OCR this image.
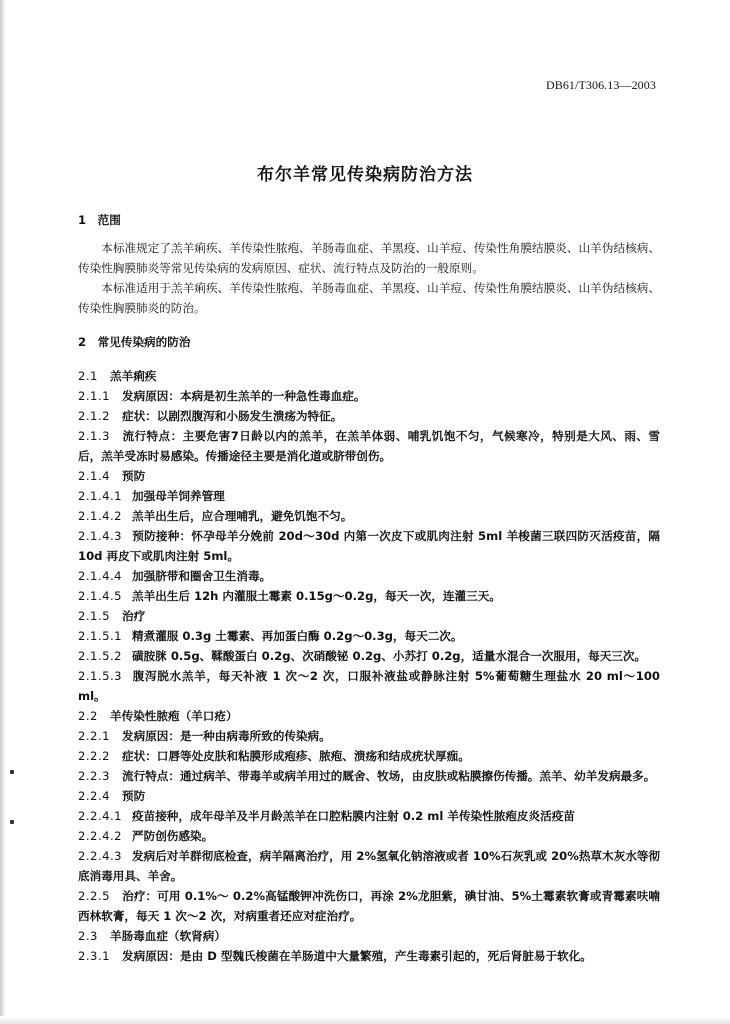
DB61/T306.13—2003
布尔羊常见传染病防治方法

1　范围

本标准规定了羔羊痢疾、羊传染性脓疱、羊肠毒血症、羊黑疫、山羊痘、传染性角膜结膜炎、山羊伪结核病、传染性胸膜肺炎等常见传染病的发病原因、症状、流行特点及防治的一般原则。

本标准适用于羔羊痢疾、羊传染性脓疱、羊肠毒血症、羊黑疫、山羊痘、传染性角膜结膜炎、山羊伪结核病、传染性胸膜肺炎的防治。

2　常见传染病的防治

2.1 羔羊痢疾

2.1.1 发病原因：本病是初生羔羊的一种急性毒血症。

2.1.2 症状：以剧烈腹泻和小肠发生溃疡为特征。

2.1.3 流行特点：主要危害7日龄以内的羔羊，在羔羊体弱、哺乳饥饱不匀，气候寒冷，特别是大风、雨、雪后，羔羊受冻时易感染。传播途径主要是消化道或脐带创伤。

2.1.4 预防

2.1.4.1 加强母羊饲养管理

2.1.4.2 羔羊出生后，应合理哺乳，避免饥饱不匀。

2.1.4.3 预防接种：怀孕母羊分娩前 20d～30d 内第一次皮下或肌肉注射 5ml 羊梭菌三联四防灭活疫苗，隔 10d 再皮下或肌肉注射 5ml。

2.1.4.4 加强脐带和圈舍卫生消毒。

2.1.4.5 羔羊出生后 12h 内灌服土霉素 0.15g～0.2g，每天一次，连灌三天。

2.1.5 治疗

2.1.5.1 精煮灌服 0.3g 土霉素、再加蛋白酶 0.2g～0.3g，每天二次。

2.1.5.2 磺胺脒 0.5g、鞣酸蛋白 0.2g、次硝酸铋 0.2g、小苏打 0.2g，适量水混合一次服用，每天三次。

2.1.5.3 腹泻脱水羔羊，每天补液 1 次～2 次，口服补液盐或静脉注射 5%葡萄糖生理盐水 20 ml～100 ml。

2.2 羊传染性脓疱（羊口疮）

2.2.1 发病原因：是一种由病毒所致的传染病。

2.2.2 症状：口唇等处皮肤和粘膜形成疱疹、脓疱、溃疡和结成疣状厚痂。

2.2.3 流行特点：通过病羊、带毒羊或病羊用过的厩舍、牧场，由皮肤或粘膜擦伤传播。羔羊、幼羊发病最多。

2.2.4 预防

2.2.4.1 疫苗接种，成年母羊及半月龄羔羊在口腔粘膜内注射 0.2 ml 羊传染性脓疱皮炎活疫苗

2.2.4.2 严防创伤感染。

2.2.4.3 发病后对羊群彻底检查，病羊隔离治疗，用 2%氢氧化钠溶液或者 10%石灰乳或 20%热草木灰水等彻底消毒用具、羊舍。

2.2.5 治疗：可用 0.1%～ 0.2%高锰酸钾冲洗伤口，再涂 2%龙胆紫，碘甘油、5%土霉素软膏或青霉素呋喃西林软膏，每天 1 次～2 次，对病重者还应对症治疗。

2.3 羊肠毒血症（软肾病）

2.3.1 发病原因：是由 D 型魏氏梭菌在羊肠道中大量繁殖，产生毒素引起的，死后肾脏易于软化。
